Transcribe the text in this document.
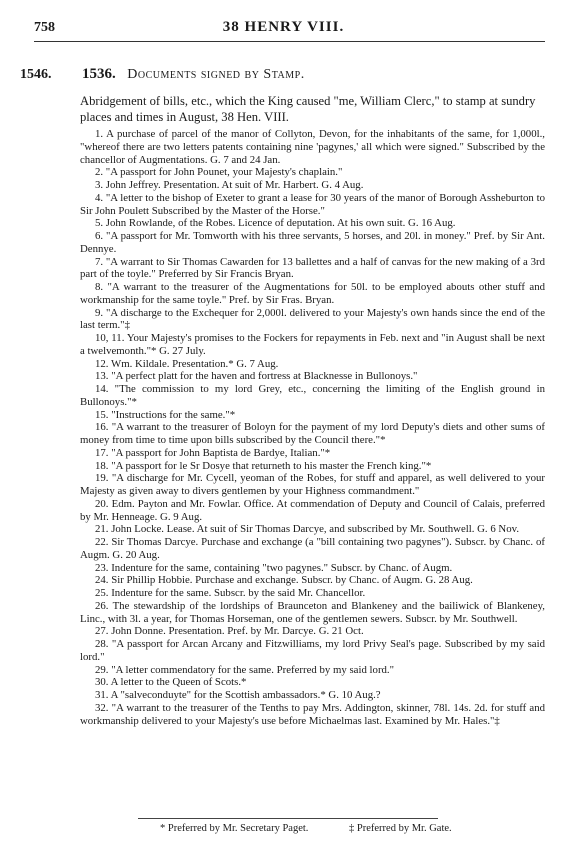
758	38 HENRY VIII.
1546. 1536. Documents signed by Stamp.
Abridgement of bills, etc., which the King caused "me, William Clerc," to stamp at sundry places and times in August, 38 Hen. VIII.

1. A purchase of parcel of the manor of Collyton, Devon, for the inhabitants of the same, for 1,000l., "whereof there are two letters patents containing nine 'pagynes,' all which were signed." Subscribed by the chancellor of Augmentations. G. 7 and 24 Jan.

2. "A passport for John Pounet, your Majesty's chaplain."

3. John Jeffrey. Presentation. At suit of Mr. Harbert. G. 4 Aug.

4. "A letter to the bishop of Exeter to grant a lease for 30 years of the manor of Borough Assheburton to Sir John Poulett Subscribed by the Master of the Horse."

5. John Rowlande, of the Robes. Licence of deputation. At his own suit. G. 16 Aug.

6. "A passport for Mr. Tomworth with his three servants, 5 horses, and 20l. in money." Pref. by Sir Ant. Dennye.

7. "A warrant to Sir Thomas Cawarden for 13 ballettes and a half of canvas for the new making of a 3rd part of the toyle." Preferred by Sir Francis Bryan.

8. "A warrant to the treasurer of the Augmentations for 50l. to be employed abouts other stuff and workmanship for the same toyle." Pref. by Sir Fras. Bryan.

9. "A discharge to the Exchequer for 2,000l. delivered to your Majesty's own hands since the end of the last term."‡

10, 11. Your Majesty's promises to the Fockers for repayments in Feb. next and "in August shall be next a twelvemonth."* G. 27 July.

12. Wm. Kildale. Presentation.* G. 7 Aug.

13. "A perfect platt for the haven and fortress at Blacknesse in Bullonoys."

14. "The commission to my lord Grey, etc., concerning the limiting of the English ground in Bullonoys."*

15. "Instructions for the same."*

16. "A warrant to the treasurer of Boloyn for the payment of my lord Deputy's diets and other sums of money from time to time upon bills subscribed by the Council there."*

17. "A passport for John Baptista de Bardye, Italian."*

18. "A passport for le Sr Dosye that returneth to his master the French king."*

19. "A discharge for Mr. Cycell, yeoman of the Robes, for stuff and apparel, as well delivered to your Majesty as given away to divers gentlemen by your Highness commandment."

20. Edm. Payton and Mr. Fowlar. Office. At commendation of Deputy and Council of Calais, preferred by Mr. Henneage. G. 9 Aug.

21. John Locke. Lease. At suit of Sir Thomas Darcye, and subscribed by Mr. Southwell. G. 6 Nov.

22. Sir Thomas Darcye. Purchase and exchange (a "bill containing two pagynes"). Subscr. by Chanc. of Augm. G. 20 Aug.

23. Indenture for the same, containing "two pagynes." Subscr. by Chanc. of Augm.

24. Sir Phillip Hobbie. Purchase and exchange. Subscr. by Chanc. of Augm. G. 28 Aug.

25. Indenture for the same. Subscr. by the said Mr. Chancellor.

26. The stewardship of the lordships of Braunceton and Blankeney and the bailiwick of Blankeney, Linc., with 3l. a year, for Thomas Horseman, one of the gentlemen sewers. Subscr. by Mr. Southwell.

27. John Donne. Presentation. Pref. by Mr. Darcye. G. 21 Oct.

28. "A passport for Arcan Arcany and Fitzwilliams, my lord Privy Seal's page. Subscribed by my said lord."

29. "A letter commendatory for the same. Preferred by my said lord."

30. A letter to the Queen of Scots.*

31. A "salveconduyte" for the Scottish ambassadors.* G. 10 Aug.?

32. "A warrant to the treasurer of the Tenths to pay Mrs. Addington, skinner, 78l. 14s. 2d. for stuff and workmanship delivered to your Majesty's use before Michaelmas last. Examined by Mr. Hales."‡

* Preferred by Mr. Secretary Paget.	‡ Preferred by Mr. Gate.
